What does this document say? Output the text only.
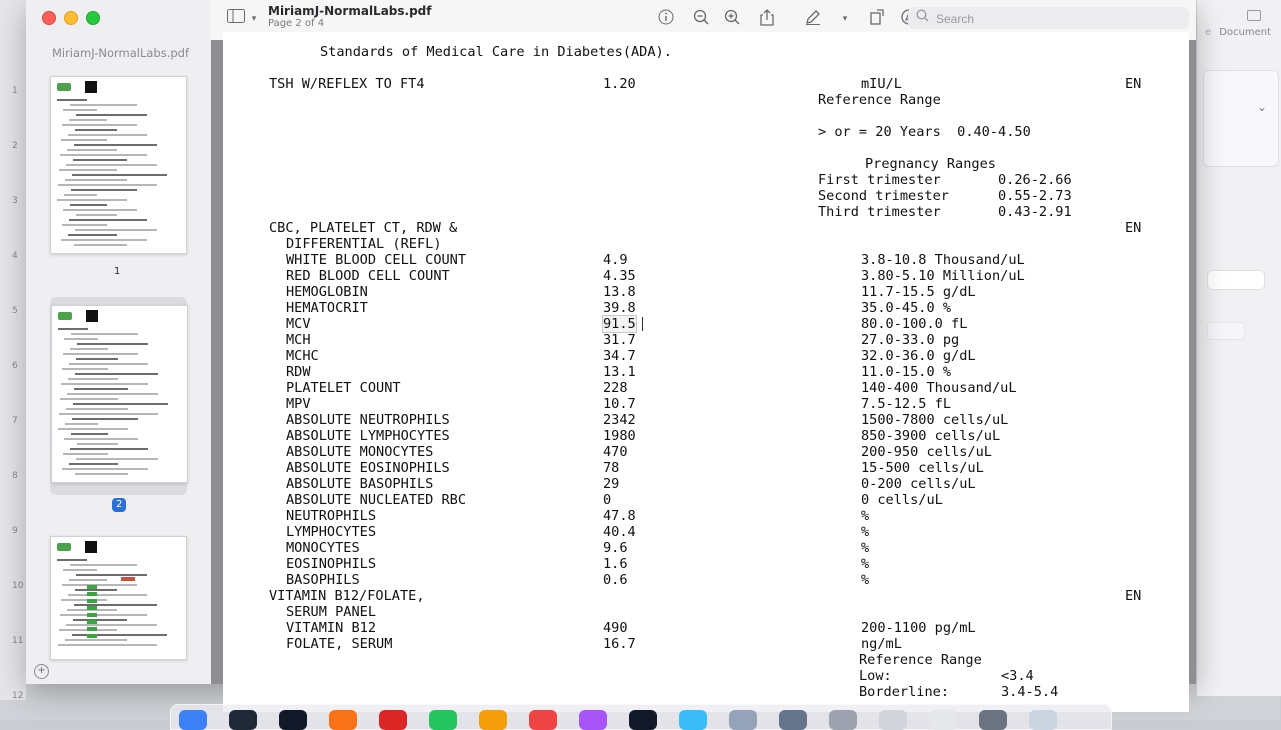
1
2
3
4
5
6
7
8
9
10
11
12
e Document
⌄
MiriamJ-NormalLabs.pdf
1
2
+
▾
MiriamJ-NormalLabs.pdf
Page 2 of 4	▾
Search
Standards of Medical Care in Diabetes(ADA).
TSH W/REFLEX TO FT4	1.20	mIU/L	EN
Reference Range
> or = 20 Years  0.40-4.50
Pregnancy Ranges
First trimester	0.26-2.66
Second trimester	0.55-2.73
Third trimester	0.43-2.91
CBC, PLATELET CT, RDW &	EN
DIFFERENTIAL (REFL)
WHITE BLOOD CELL COUNT	4.9	3.8-10.8 Thousand/uL
RED BLOOD CELL COUNT	4.35	3.80-5.10 Million/uL
HEMOGLOBIN	13.8	11.7-15.5 g/dL
HEMATOCRIT	39.8	35.0-45.0 %
MCV	91.5	80.0-100.0 fL
MCH	31.7	27.0-33.0 pg
MCHC	34.7	32.0-36.0 g/dL
RDW	13.1	11.0-15.0 %
PLATELET COUNT	228	140-400 Thousand/uL
MPV	10.7	7.5-12.5 fL
ABSOLUTE NEUTROPHILS	2342	1500-7800 cells/uL
ABSOLUTE LYMPHOCYTES	1980	850-3900 cells/uL
ABSOLUTE MONOCYTES	470	200-950 cells/uL
ABSOLUTE EOSINOPHILS	78	15-500 cells/uL
ABSOLUTE BASOPHILS	29	0-200 cells/uL
ABSOLUTE NUCLEATED RBC	0	0 cells/uL
NEUTROPHILS	47.8	%
LYMPHOCYTES	40.4	%
MONOCYTES	9.6	%
EOSINOPHILS	1.6	%
BASOPHILS	0.6	%
VITAMIN B12/FOLATE,	EN
SERUM PANEL
VITAMIN B12	490	200-1100 pg/mL
FOLATE, SERUM	16.7	ng/mL
Reference Range
Low:	<3.4
Borderline:	3.4-5.4
